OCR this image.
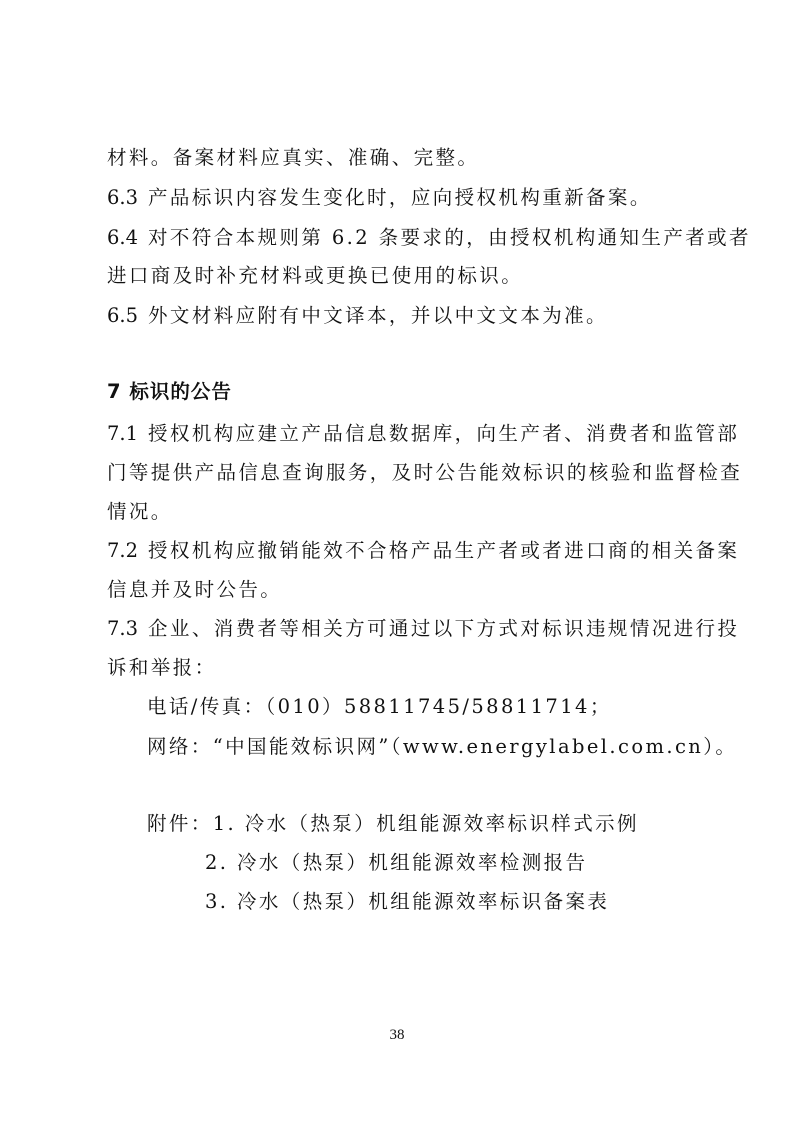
材料。备案材料应真实、准确、完整。
6.3 产品标识内容发生变化时，应向授权机构重新备案。
6.4 对不符合本规则第 6.2 条要求的，由授权机构通知生产者或者
进口商及时补充材料或更换已使用的标识。
6.5 外文材料应附有中文译本，并以中文文本为准。
7 标识的公告
7.1 授权机构应建立产品信息数据库，向生产者、消费者和监管部
门等提供产品信息查询服务，及时公告能效标识的核验和监督检查
情况。
7.2 授权机构应撤销能效不合格产品生产者或者进口商的相关备案
信息并及时公告。
7.3 企业、消费者等相关方可通过以下方式对标识违规情况进行投
诉和举报：
电话/传真：（010）58811745/58811714；
网络：“中国能效标识网”（www.energylabel.com.cn）。
附件：1. 冷水（热泵）机组能源效率标识样式示例
2. 冷水（热泵）机组能源效率检测报告
3. 冷水（热泵）机组能源效率标识备案表
38
